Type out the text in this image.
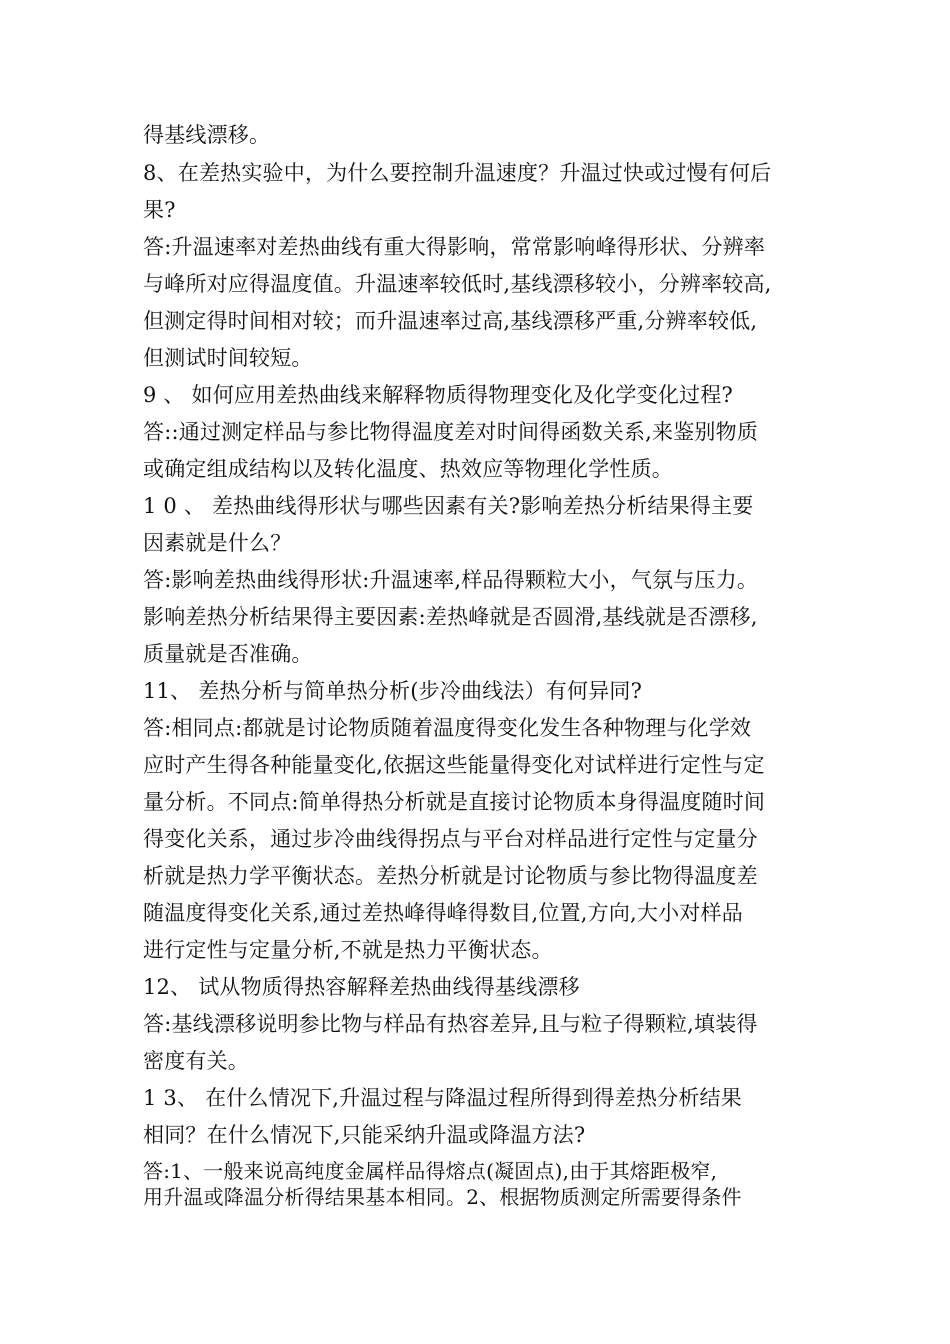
得基线漂移。
8、在差热实验中，为什么要控制升温速度？升温过快或过慢有何后
果?
答:升温速率对差热曲线有重大得影响，常常影响峰得形状、分辨率
与峰所对应得温度值。升温速率较低时,基线漂移较小，分辨率较高,
但测定得时间相对较；而升温速率过高,基线漂移严重,分辨率较低,
但测试时间较短。
9 、 如何应用差热曲线来解释物质得物理变化及化学变化过程?
答::通过测定样品与参比物得温度差对时间得函数关系,来鉴别物质
或确定组成结构以及转化温度、热效应等物理化学性质。
1 0 、 差热曲线得形状与哪些因素有关?影响差热分析结果得主要
因素就是什么？
答:影响差热曲线得形状:升温速率,样品得颗粒大小，气氛与压力。
影响差热分析结果得主要因素:差热峰就是否圆滑,基线就是否漂移,
质量就是否准确。
11、 差热分析与简单热分析(步冷曲线法）有何异同?
答:相同点:都就是讨论物质随着温度得变化发生各种物理与化学效
应时产生得各种能量变化,依据这些能量得变化对试样进行定性与定
量分析。不同点:简单得热分析就是直接讨论物质本身得温度随时间
得变化关系，通过步冷曲线得拐点与平台对样品进行定性与定量分
析就是热力学平衡状态。差热分析就是讨论物质与参比物得温度差
随温度得变化关系,通过差热峰得峰得数目,位置,方向,大小对样品
进行定性与定量分析,不就是热力平衡状态。
12、 试从物质得热容解释差热曲线得基线漂移
答:基线漂移说明参比物与样品有热容差异,且与粒子得颗粒,填装得
密度有关。
1 3、 在什么情况下,升温过程与降温过程所得到得差热分析结果
相同？在什么情况下,只能采纳升温或降温方法?
答:1、一般来说高纯度金属样品得熔点(凝固点),由于其熔距极窄,
用升温或降温分析得结果基本相同。2、根据物质测定所需要得条件
